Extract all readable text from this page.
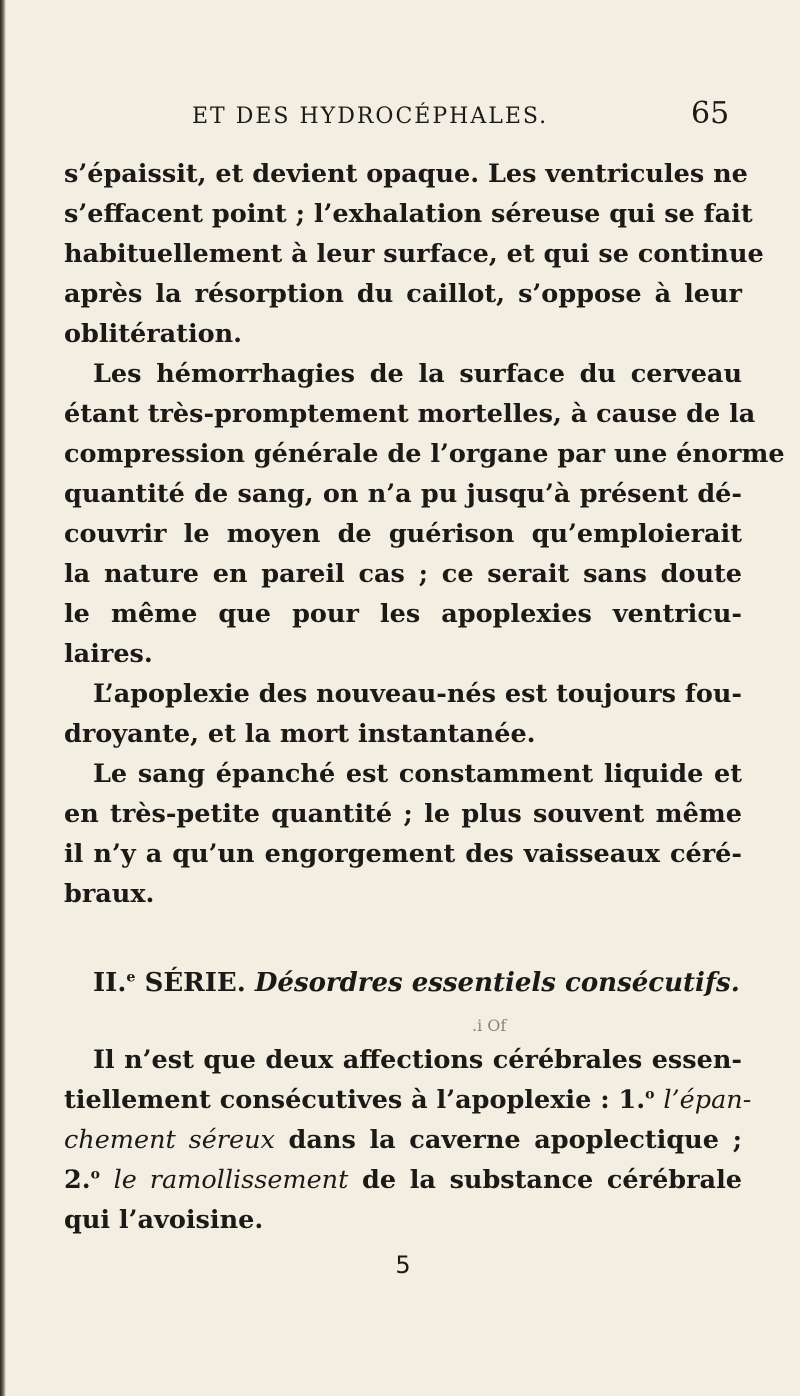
ET DES HYDROCÉPHALES.	65
s’épaissit, et devient opaque. Les ventricules ne
s’effacent point ; l’exhalation séreuse qui se fait
habituellement à leur surface, et qui se continue
après la résorption du caillot, s’oppose à leur
oblitération.
Les hémorrhagies de la surface du cerveau
étant très-promptement mortelles, à cause de la
compression générale de l’organe par une énorme
quantité de sang, on n’a pu jusqu’à présent dé-
couvrir le moyen de guérison qu’emploierait
la nature en pareil cas ; ce serait sans doute
le même que pour les apoplexies ventricu-
laires.
L’apoplexie des nouveau-nés est toujours fou-
droyante, et la mort instantanée.
Le sang épanché est constamment liquide et
en très-petite quantité ; le plus souvent même
il n’y a qu’un engorgement des vaisseaux céré-
braux.
II.$^e$ SÉRIE. Désordres essentiels consécutifs.
.i Of
Il n’est que deux affections cérébrales essen-
tiellement consécutives à l’apoplexie : 1.$^o$ l’épan-
chement séreux dans la caverne apoplectique ;
2.$^o$ le ramollissement de la substance cérébrale
qui l’avoisine.
5
